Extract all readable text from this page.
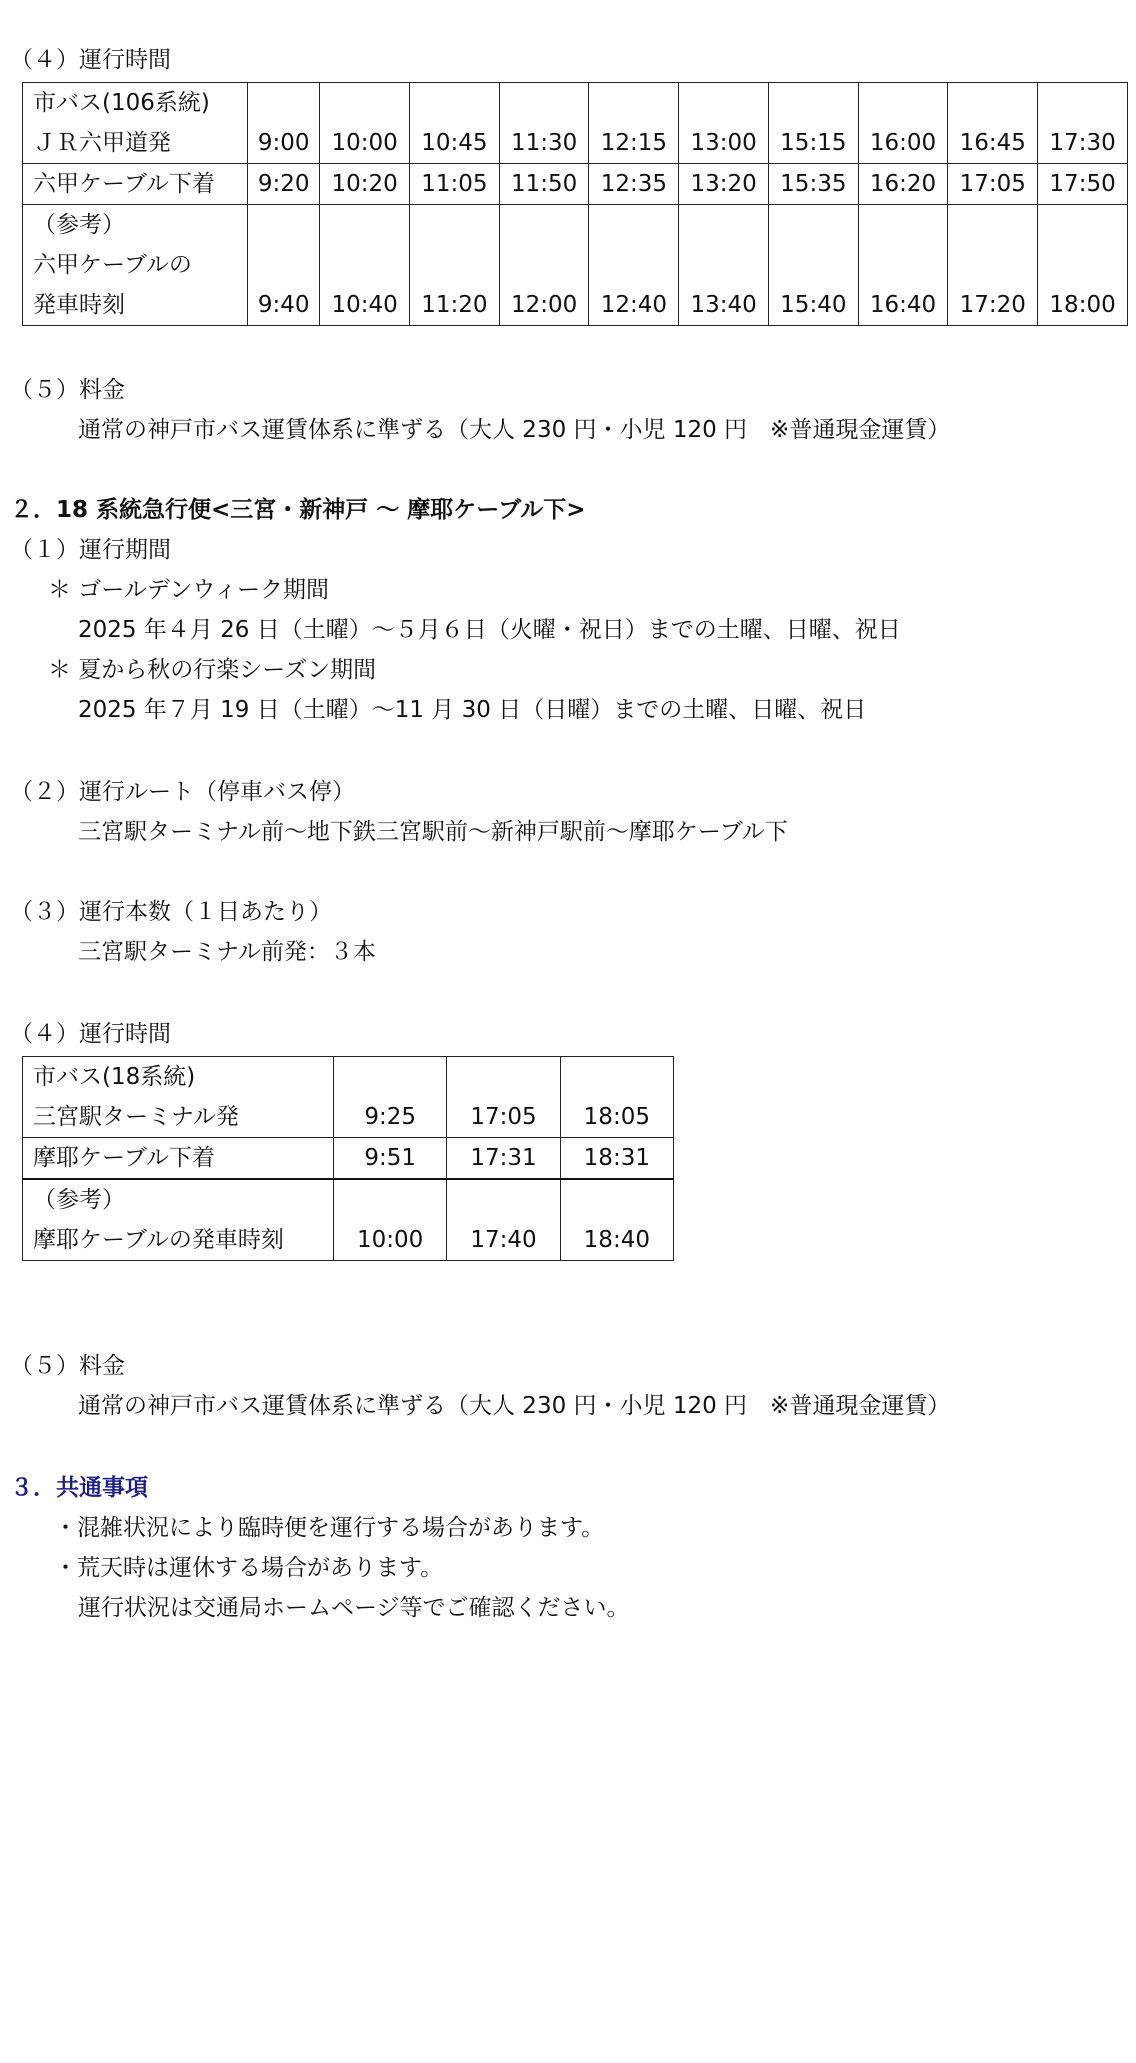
（４）運行時間
市バス(106系統)
ＪＲ六甲道発	9:00	10:00	10:45	11:30	12:15	13:00	15:15	16:00	16:45	17:30
六甲ケーブル下着	9:20	10:20	11:05	11:50	12:35	13:20	15:35	16:20	17:05	17:50

（参考）
六甲ケーブルの
発車時刻	9:40	10:40	11:20	12:00	12:40	13:40	15:40	16:40	17:20	18:00
（５）料金
通常の神戸市バス運賃体系に準ずる（大人 230 円・小児 120 円　※普通現金運賃）
２．18 系統急行便<三宮・新神戸 ～ 摩耶ケーブル下>
（１）運行期間
＊ ゴールデンウィーク期間
2025 年４月 26 日（土曜）～５月６日（火曜・祝日）までの土曜、日曜、祝日
＊ 夏から秋の行楽シーズン期間
2025 年７月 19 日（土曜）～11 月 30 日（日曜）までの土曜、日曜、祝日
（２）運行ルート（停車バス停）
三宮駅ターミナル前～地下鉄三宮駅前～新神戸駅前～摩耶ケーブル下
（３）運行本数（１日あたり）
三宮駅ターミナル前発：３本
（４）運行時間
市バス(18系統)
三宮駅ターミナル発	9:25	17:05	18:05
摩耶ケーブル下着	9:51	17:31	18:31

（参考）
摩耶ケーブルの発車時刻	10:00	17:40	18:40
（５）料金
通常の神戸市バス運賃体系に準ずる（大人 230 円・小児 120 円　※普通現金運賃）
３．共通事項
・混雑状況により臨時便を運行する場合があります。
・荒天時は運休する場合があります。
運行状況は交通局ホームページ等でご確認ください。
